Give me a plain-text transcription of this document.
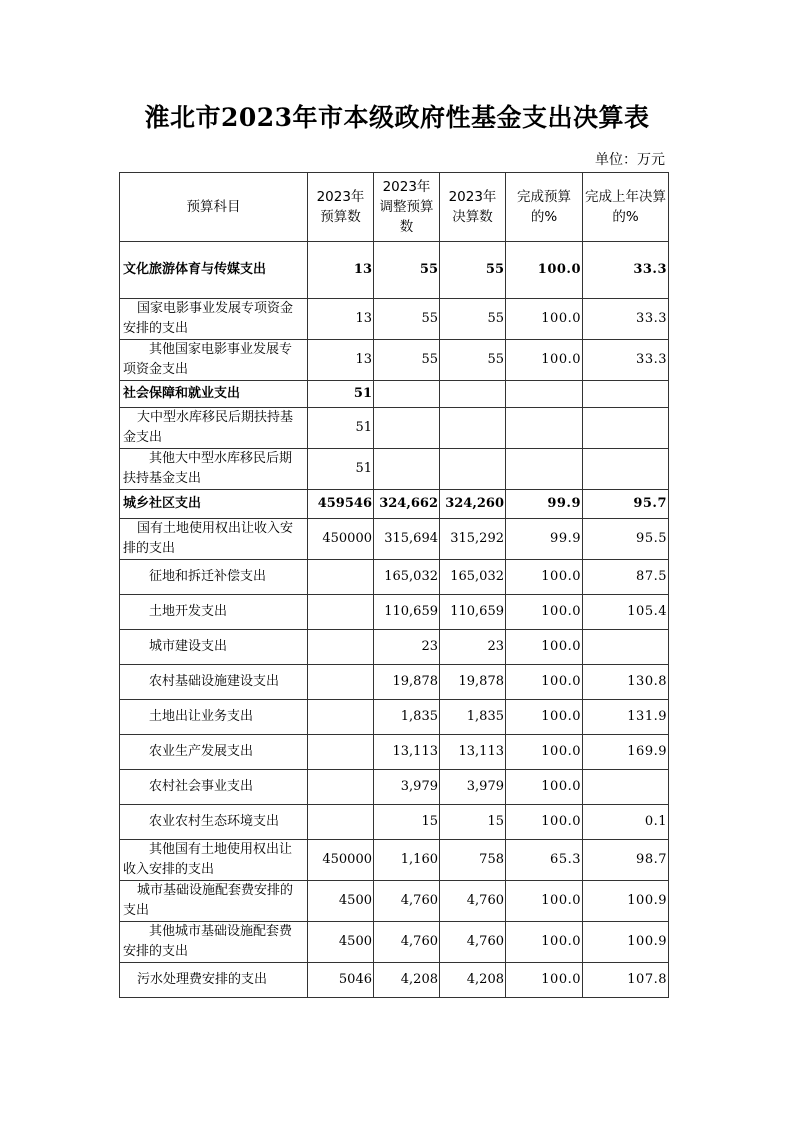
淮北市2023年市本级政府性基金支出决算表
单位：万元
预算科目	2023年预算数	2023年调整预算数	2023年决算数	完成预算的%	完成上年决算的%
文化旅游体育与传媒支出	13	55	55	100.0	33.3
国家电影事业发展专项资金安排的支出	13	55	55	100.0	33.3
其他国家电影事业发展专项资金支出	13	55	55	100.0	33.3
社会保障和就业支出	51				
大中型水库移民后期扶持基金支出	51				
其他大中型水库移民后期扶持基金支出	51				
城乡社区支出	459546	324,662	324,260	99.9	95.7
国有土地使用权出让收入安排的支出	450000	315,694	315,292	99.9	95.5
征地和拆迁补偿支出		165,032	165,032	100.0	87.5
土地开发支出		110,659	110,659	100.0	105.4
城市建设支出		23	23	100.0	
农村基础设施建设支出		19,878	19,878	100.0	130.8
土地出让业务支出		1,835	1,835	100.0	131.9
农业生产发展支出		13,113	13,113	100.0	169.9
农村社会事业支出		3,979	3,979	100.0	
农业农村生态环境支出		15	15	100.0	0.1
其他国有土地使用权出让收入安排的支出	450000	1,160	758	65.3	98.7
城市基础设施配套费安排的支出	4500	4,760	4,760	100.0	100.9
其他城市基础设施配套费安排的支出	4500	4,760	4,760	100.0	100.9
污水处理费安排的支出	5046	4,208	4,208	100.0	107.8
